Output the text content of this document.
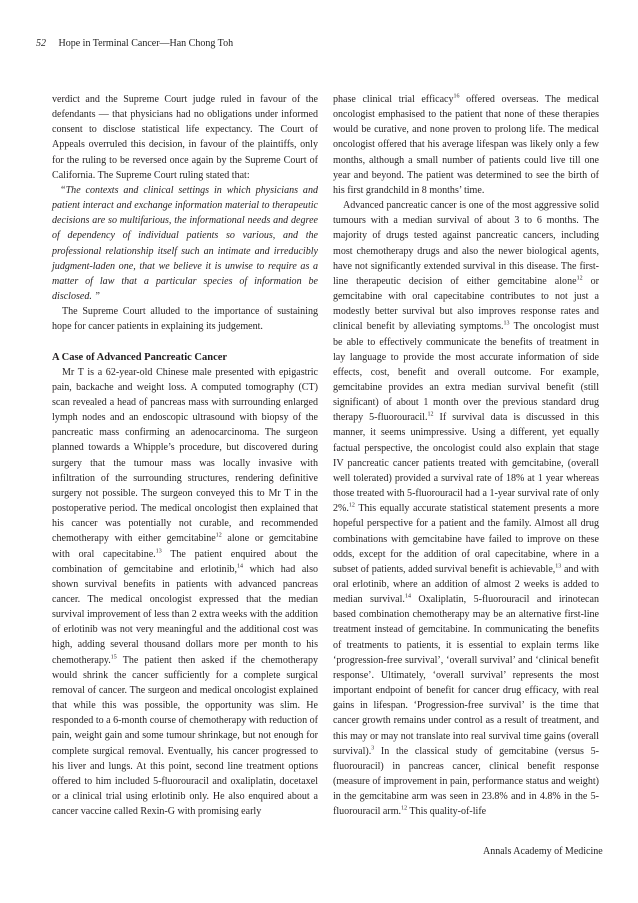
52 Hope in Terminal Cancer—Han Chong Toh

verdict and the Supreme Court judge ruled in favour of the defendants — that physicians had no obligations under informed consent to disclose statistical life expectancy. The Court of Appeals overruled this decision, in favour of the plaintiffs, only for the ruling to be reversed once again by the Supreme Court of California. The Supreme Court ruling stated that:

“The contexts and clinical settings in which physicians and patient interact and exchange information material to therapeutic decisions are so multifarious, the informational needs and degree of dependency of individual patients so various, and the professional relationship itself such an intimate and irreducibly judgment-laden one, that we believe it is unwise to require as a matter of law that a particular species of information be disclosed. ”

The Supreme Court alluded to the importance of sustaining hope for cancer patients in explaining its judgement.

A Case of Advanced Pancreatic Cancer

Mr T is a 62-year-old Chinese male presented with epigastric pain, backache and weight loss. A computed tomography (CT) scan revealed a head of pancreas mass with surrounding enlarged lymph nodes and an endoscopic ultrasound with biopsy of the pancreatic mass confirming an adenocarcinoma. The surgeon planned towards a Whipple’s procedure, but discovered during surgery that the tumour mass was locally invasive with infiltration of the surrounding structures, rendering definitive surgery not possible. The surgeon conveyed this to Mr T in the postoperative period. The medical oncologist then explained that his cancer was potentially not curable, and recommended chemotherapy with either gemcitabine$^{12}$ alone or gemcitabine with oral capecitabine.$^{13}$ The patient enquired about the combination of gemcitabine and erlotinib,$^{14}$ which had also shown survival benefits in patients with advanced pancreas cancer. The medical oncologist expressed that the median survival improvement of less than 2 extra weeks with the addition of erlotinib was not very meaningful and the additional cost was high, adding several thousand dollars more per month to his chemotherapy.$^{15}$ The patient then asked if the chemotherapy would shrink the cancer sufficiently for a complete surgical removal of cancer. The surgeon and medical oncologist explained that while this was possible, the opportunity was slim. He responded to a 6-month course of chemotherapy with reduction of pain, weight gain and some tumour shrinkage, but not enough for complete surgical removal. Eventually, his cancer progressed to his liver and lungs. At this point, second line treatment options offered to him included 5-fluorouracil and oxaliplatin, docetaxel or a clinical trial using erlotinib only. He also enquired about a cancer vaccine called Rexin-G with promising early

phase clinical trial efficacy$^{16}$ offered overseas. The medical oncologist emphasised to the patient that none of these therapies would be curative, and none proven to prolong life. The medical oncologist offered that his average lifespan was likely only a few months, although a small number of patients could live till one year and beyond. The patient was determined to see the birth of his first grandchild in 8 months’ time.

Advanced pancreatic cancer is one of the most aggressive solid tumours with a median survival of about 3 to 6 months. The majority of drugs tested against pancreatic cancers, including most chemotherapy drugs and also the newer biological agents, have not significantly extended survival in this disease. The first-line therapeutic decision of either gemcitabine alone$^{12}$ or gemcitabine with oral capecitabine contributes to not just a modestly better survival but also improves response rates and clinical benefit by alleviating symptoms.$^{13}$ The oncologist must be able to effectively communicate the benefits of treatment in lay language to provide the most accurate information of side effects, cost, benefit and overall outcome. For example, gemcitabine provides an extra median survival benefit (still significant) of about 1 month over the previous standard drug therapy 5-fluorouracil.$^{12}$ If survival data is discussed in this manner, it seems unimpressive. Using a different, yet equally factual perspective, the oncologist could also explain that stage IV pancreatic cancer patients treated with gemcitabine, (overall well tolerated) provided a survival rate of 18% at 1 year whereas those treated with 5-fluorouracil had a 1-year survival rate of only 2%.$^{12}$ This equally accurate statistical statement presents a more hopeful perspective for a patient and the family. Almost all drug combinations with gemcitabine have failed to improve on these odds, except for the addition of oral capecitabine, where in a subset of patients, added survival benefit is achievable,$^{13}$ and with oral erlotinib, where an addition of almost 2 weeks is added to median survival.$^{14}$ Oxaliplatin, 5-fluorouracil and irinotecan based combination chemotherapy may be an alternative first-line treatment instead of gemcitabine. In communicating the benefits of treatments to patients, it is essential to explain terms like ‘progression-free survival’, ‘overall survival’ and ‘clinical benefit response’. Ultimately, ‘overall survival’ represents the most important endpoint of benefit for cancer drug efficacy, with real gains in lifespan. ‘Progression-free survival’ is the time that cancer growth remains under control as a result of treatment, and this may or may not translate into real survival time gains (overall survival).$^3$ In the classical study of gemcitabine (versus 5-fluorouracil) in pancreas cancer, clinical benefit response (measure of improvement in pain, performance status and weight) in the gemcitabine arm was seen in 23.8% and in 4.8% in the 5-fluorouracil arm.$^{12}$ This quality-of-life

Annals Academy of Medicine
